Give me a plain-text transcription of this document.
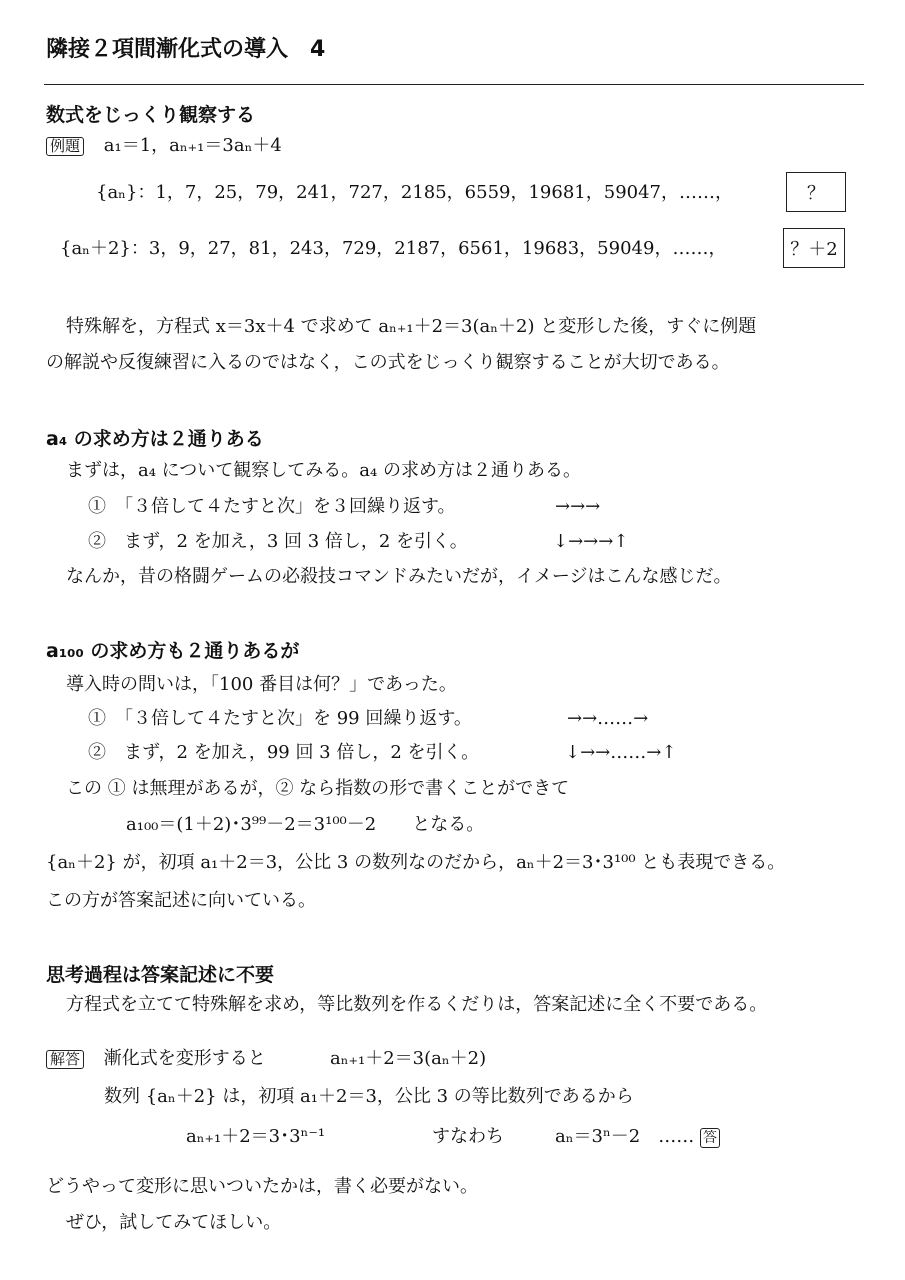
隣接２項間漸化式の導入　4
数式をじっくり観察する
例題 a₁＝1，aₙ₊₁＝3aₙ＋4
{aₙ}：1，7，25，79，241，727，2185，6559，19681，59047，……，	？
{aₙ＋2}：3，9，27，81，243，729，2187，6561，19683，59049，……，	？＋2
特殊解を，方程式 x＝3x＋4 で求めて aₙ₊₁＋2＝3(aₙ＋2) と変形した後，すぐに例題
の解説や反復練習に入るのではなく，この式をじっくり観察することが大切である。
a₄ の求め方は２通りある
まずは，a₄ について観察してみる。a₄ の求め方は２通りある。
①　「３倍して４たすと次」を３回繰り返す。	→→→
②　まず，2 を加え，3 回 3 倍し，2 を引く。	↓→→→↑
なんか，昔の格闘ゲームの必殺技コマンドみたいだが，イメージはこんな感じだ。
a₁₀₀ の求め方も２通りあるが
導入時の問いは，「100 番目は何？」であった。
①　「３倍して４たすと次」を 99 回繰り返す。	→→……→
②　まず，2 を加え，99 回 3 倍し，2 を引く。	↓→→……→↑
この ① は無理があるが，② なら指数の形で書くことができて
a₁₀₀＝(1＋2)･3⁹⁹－2＝3¹⁰⁰－2　　となる。
{aₙ＋2} が，初項 a₁＋2＝3，公比 3 の数列なのだから，aₙ＋2＝3･3¹⁰⁰ とも表現できる。
この方が答案記述に向いている。
思考過程は答案記述に不要
方程式を立てて特殊解を求め，等比数列を作るくだりは，答案記述に全く不要である。
解答 漸化式を変形すると	aₙ₊₁＋2＝3(aₙ＋2)
数列 {aₙ＋2} は，初項 a₁＋2＝3，公比 3 の等比数列であるから
aₙ₊₁＋2＝3･3ⁿ⁻¹	すなわち	aₙ＝3ⁿ－2　…… 答
どうやって変形に思いついたかは，書く必要がない。
ぜひ，試してみてほしい。
